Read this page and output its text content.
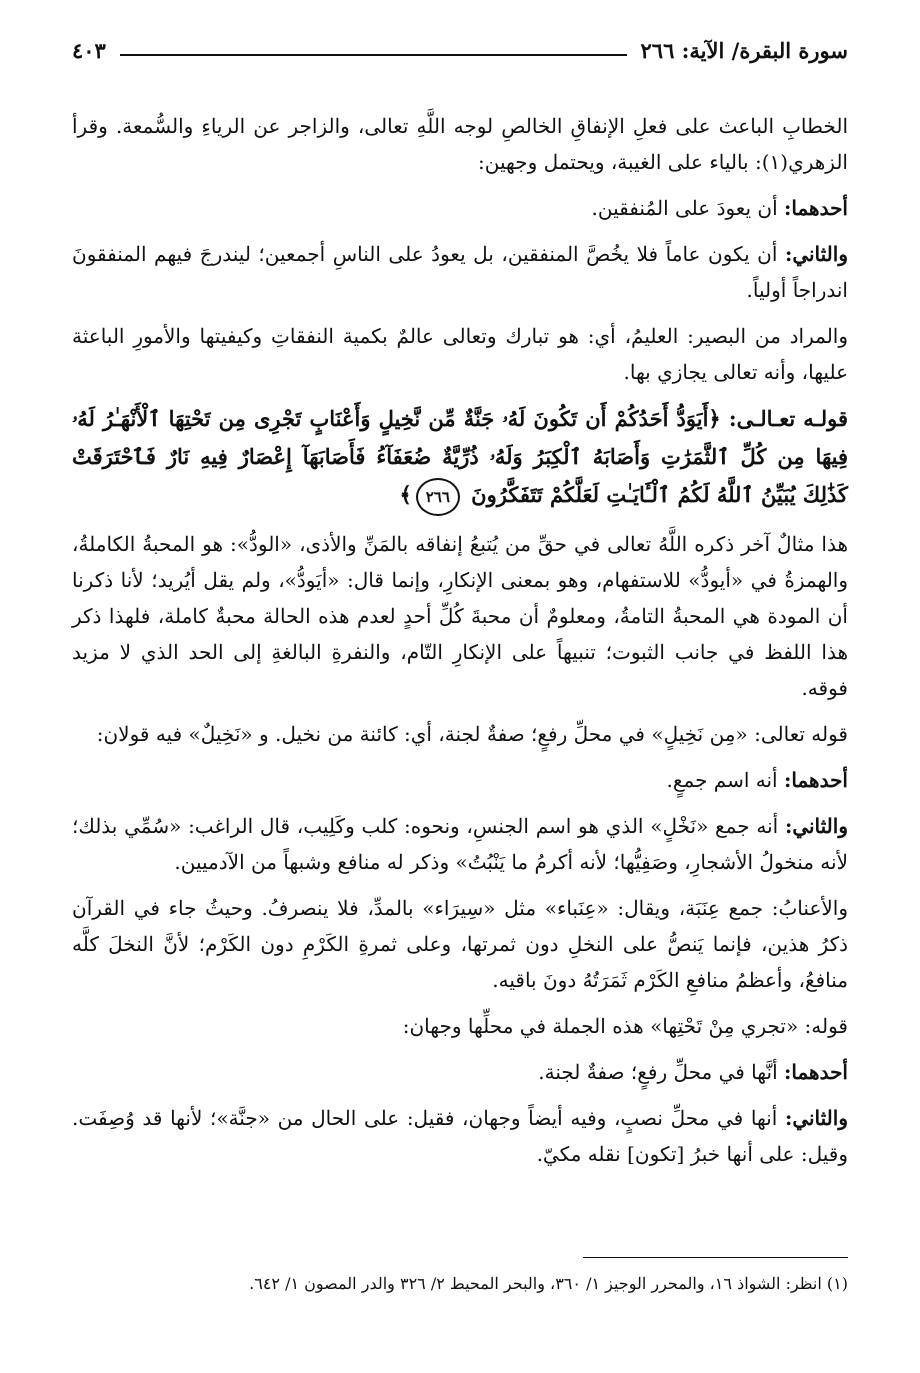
سورة البقرة/ الآية: ٢٦٦
٤٠٣

الخطابِ الباعث على فعلِ الإنفاقِ الخالصِ لوجه اللَّهِ تعالى، والزاجر عن الرياءِ والسُّمعة. وقرأ الزهري(١): بالياء على الغيبة، ويحتمل وجهين:

أحدهما: أن يعودَ على المُنفقين.

والثاني: أن يكون عاماً فلا يخُصَّ المنفقين، بل يعودُ على الناسِ أجمعين؛ ليندرجَ فيهم المنفقونَ اندراجاً أولياً.

والمراد من البصير: العليمُ، أي: هو تبارك وتعالى عالمٌ بكمية النفقاتِ وكيفيتها والأمورِ الباعثة عليها، وأنه تعالى يجازي بها.

قولـه تعـالـى: ﴿أَيَوَدُّ أَحَدُكُمْ أَن تَكُونَ لَهُۥ جَنَّةٌ مِّن نَّخِيلٍ وَأَعْنَابٍ تَجْرِى مِن تَحْتِهَا ٱلْأَنْهَـٰرُ لَهُۥ فِيهَا مِن كُلِّ ٱلثَّمَرَٰتِ وَأَصَابَهُ ٱلْكِبَرُ وَلَهُۥ ذُرِّيَّةٌ ضُعَفَآءُ فَأَصَابَهَآ إِعْصَارٌ فِيهِ نَارٌ فَٱحْتَرَقَتْ كَذَٰلِكَ يُبَيِّنُ ٱللَّهُ لَكُمُ ٱلْـَٔايَـٰتِ لَعَلَّكُمْ تَتَفَكَّرُونَ ٢٦٦﴾

هذا مثالٌ آخر ذكره اللَّهُ تعالى في حقِّ من يُتبعُ إنفاقه بالمَنِّ والأذى، «الودُّ»: هو المحبةُ الكاملةُ، والهمزةُ في «أيودُّ» للاستفهام، وهو بمعنى الإنكارِ، وإنما قال: «أيَودُّ»، ولم يقل أيُريد؛ لأنا ذكرنا أن المودة هي المحبةُ التامةُ، ومعلومٌ أن محبةَ كُلِّ أحدٍ لعدم هذه الحالة محبةٌ كاملة، فلهذا ذكر هذا اللفظ في جانب الثبوت؛ تنبيهاً على الإنكارِ التّام، والنفرةِ البالغةِ إلى الحد الذي لا مزيد فوقه.

قوله تعالى: «مِن نَخِيلٍ» في محلِّ رفعٍ؛ صفةٌ لجنة، أي: كائنة من نخيل. و «نَخِيلٌ» فيه قولان:

أحدهما: أنه اسم جمعٍ.

والثاني: أنه جمع «نَخْلٍ» الذي هو اسم الجنسِ، ونحوه: كلب وكَلِيب، قال الراغب: «سُمِّي بذلك؛ لأنه منخولُ الأشجارِ، وصَفِيُّها؛ لأنه أكرمُ ما يَنْبُتُ» وذكر له منافع وشبهاً من الآدميين.

والأعنابُ: جمع عِنَبَة، ويقال: «عِنَباء» مثل «سِيرَاء» بالمدِّ، فلا ينصرفُ. وحيثُ جاء في القرآن ذكرُ هذين، فإنما يَنصُّ على النخلِ دون ثمرتها، وعلى ثمرةِ الكَرْمِ دون الكَرْم؛ لأنَّ النخلَ كلَّه منافعُ، وأعظمُ منافعِ الكَرْم ثَمَرَتُهُ دونَ باقيه.

قوله: «تجري مِنْ تَحْتِها» هذه الجملة في محلِّها وجهان:

أحدهما: أنَّها في محلِّ رفعٍ؛ صفةٌ لجنة.

والثاني: أنها في محلِّ نصبٍ، وفيه أيضاً وجهان، فقيل: على الحال من «جنَّة»؛ لأنها قد وُصِفَت. وقيل: على أنها خبرُ [تكون] نقله مكيّ.

(١) انظر: الشواذ ١٦، والمحرر الوجيز ١/ ٣٦٠، والبحر المحيط ٢/ ٣٢٦ والدر المصون ١/ ٦٤٢.
